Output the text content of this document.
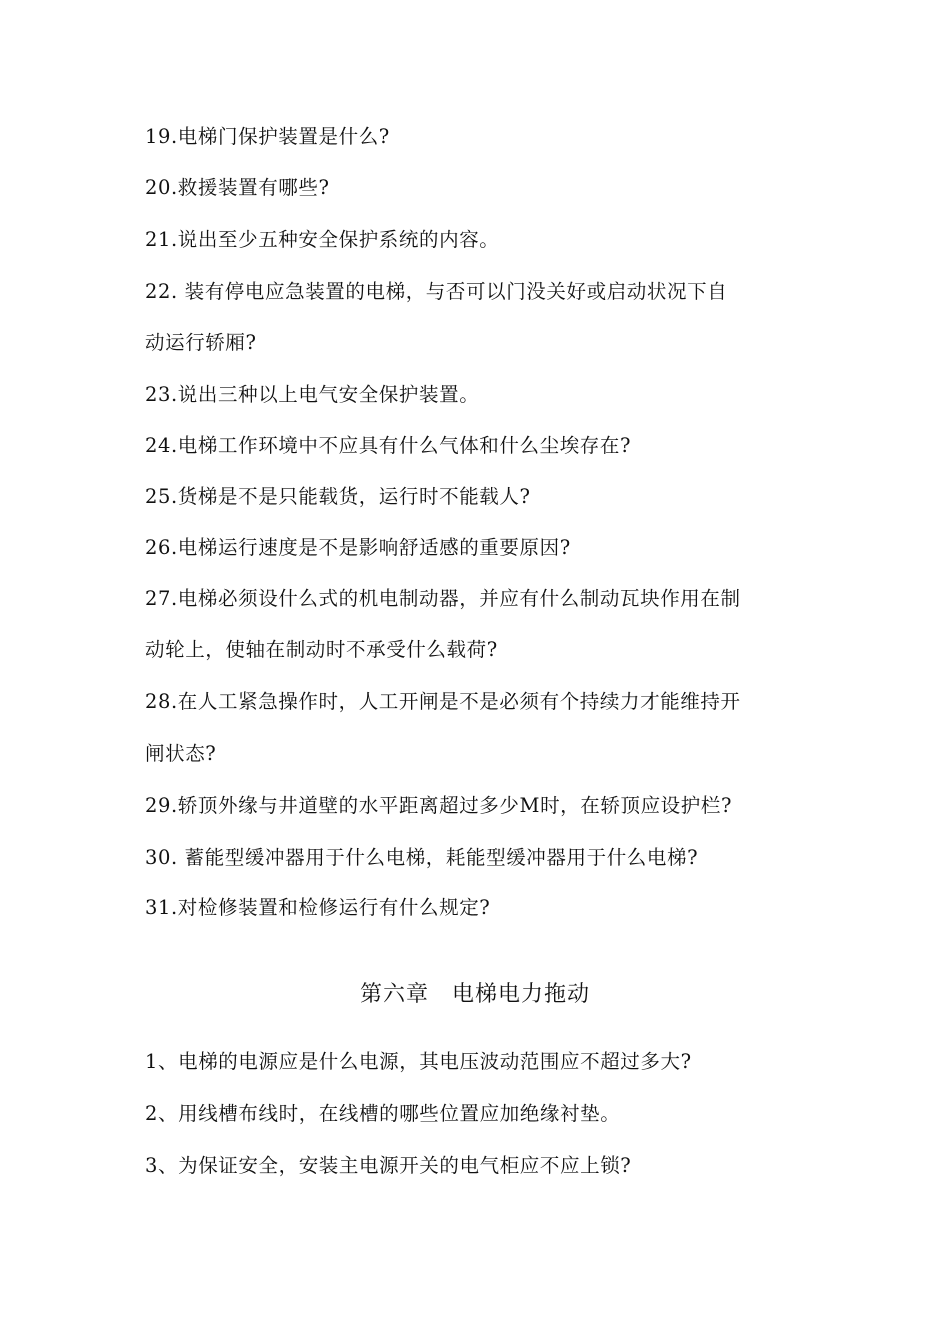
19.电梯门保护装置是什么?
20.救援装置有哪些?
21.说出至少五种安全保护系统的内容。
22. 装有停电应急装置的电梯，与否可以门没关好或启动状况下自
动运行轿厢?
23.说出三种以上电气安全保护装置。
24.电梯工作环境中不应具有什么气体和什么尘埃存在?
25.货梯是不是只能载货，运行时不能载人?
26.电梯运行速度是不是影响舒适感的重要原因?
27.电梯必须设什么式的机电制动器，并应有什么制动瓦块作用在制
动轮上，使轴在制动时不承受什么载荷?
28.在人工紧急操作时，人工开闸是不是必须有个持续力才能维持开
闸状态?
29.轿顶外缘与井道壁的水平距离超过多少M时，在轿顶应设护栏?
30. 蓄能型缓冲器用于什么电梯，耗能型缓冲器用于什么电梯?
31.对检修装置和检修运行有什么规定?
第六章　电梯电力拖动
1、电梯的电源应是什么电源，其电压波动范围应不超过多大?
2、用线槽布线时，在线槽的哪些位置应加绝缘衬垫。
3、为保证安全，安装主电源开关的电气柜应不应上锁?
